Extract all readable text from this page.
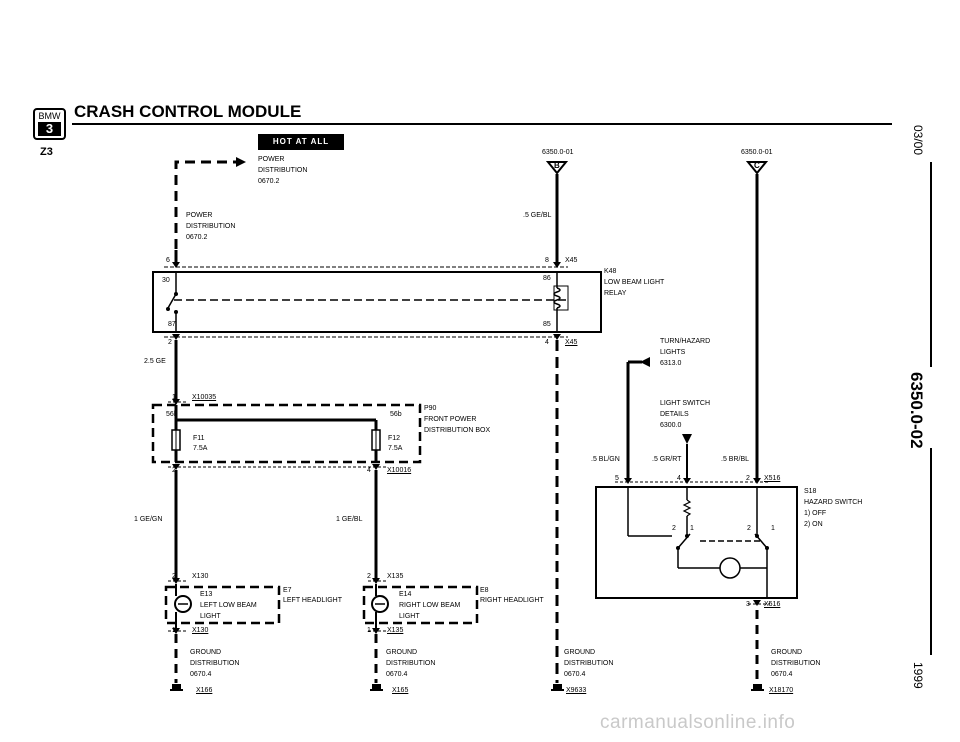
BMW
3
Z3
CRASH CONTROL MODULE
HOT AT ALL TIMES
03/00
6350.0-02
1999
POWER
DISTRIBUTION
0670.2
POWER
DISTRIBUTION
0670.2
6350.0-01
B
6350.0-01
C
.5 GE/BL
6	8 X45
30	86
87	85
K48
LOW BEAM LIGHT
RELAY
2	4 X45
2.5 GE
1 X10035
56b	56b
P90
FRONT POWER
DISTRIBUTION BOX
F11
7.5A
F12
7.5A
2	4 X10016
1 GE/GN
2 X130
E13
LEFT LOW BEAM
LIGHT
E7
LEFT HEADLIGHT
1 X130
GROUND
DISTRIBUTION
0670.4
X166
1 GE/BL
2 X135
E14
RIGHT LOW BEAM
LIGHT
E8
RIGHT HEADLIGHT
1 X135
GROUND
DISTRIBUTION
0670.4
X165
GROUND
DISTRIBUTION
0670.4
X9633
TURN/HAZARD
LIGHTS
6313.0
LIGHT SWITCH
DETAILS
6300.0
.5 BL/GN	.5 GR/RT	.5 BR/BL
5	4	2 X516
S18
HAZARD SWITCH
1) OFF
2) ON
2 1	2	1
3 X516
GROUND
DISTRIBUTION
0670.4
X18170
carmanualsonline.info
